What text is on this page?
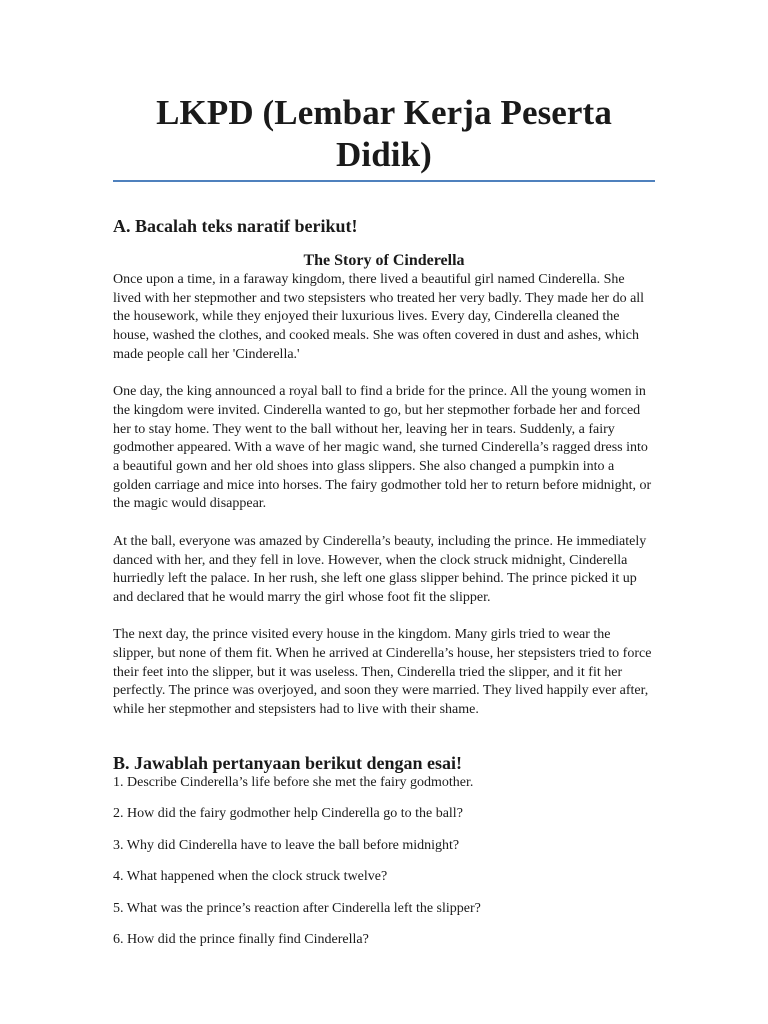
LKPD (Lembar Kerja Peserta Didik)
A. Bacalah teks naratif berikut!
The Story of Cinderella

Once upon a time, in a faraway kingdom, there lived a beautiful girl named Cinderella. She lived with her stepmother and two stepsisters who treated her very badly. They made her do all the housework, while they enjoyed their luxurious lives. Every day, Cinderella cleaned the house, washed the clothes, and cooked meals. She was often covered in dust and ashes, which made people call her 'Cinderella.'

One day, the king announced a royal ball to find a bride for the prince. All the young women in the kingdom were invited. Cinderella wanted to go, but her stepmother forbade her and forced her to stay home. They went to the ball without her, leaving her in tears. Suddenly, a fairy godmother appeared. With a wave of her magic wand, she turned Cinderella’s ragged dress into a beautiful gown and her old shoes into glass slippers. She also changed a pumpkin into a golden carriage and mice into horses. The fairy godmother told her to return before midnight, or the magic would disappear.

At the ball, everyone was amazed by Cinderella’s beauty, including the prince. He immediately danced with her, and they fell in love. However, when the clock struck midnight, Cinderella hurriedly left the palace. In her rush, she left one glass slipper behind. The prince picked it up and declared that he would marry the girl whose foot fit the slipper.

The next day, the prince visited every house in the kingdom. Many girls tried to wear the slipper, but none of them fit. When he arrived at Cinderella’s house, her stepsisters tried to force their feet into the slipper, but it was useless. Then, Cinderella tried the slipper, and it fit her perfectly. The prince was overjoyed, and soon they were married. They lived happily ever after, while her stepmother and stepsisters had to live with their shame.

B. Jawablah pertanyaan berikut dengan esai!
1. Describe Cinderella’s life before she met the fairy godmother.
2. How did the fairy godmother help Cinderella go to the ball?
3. Why did Cinderella have to leave the ball before midnight?
4. What happened when the clock struck twelve?
5. What was the prince’s reaction after Cinderella left the slipper?
6. How did the prince finally find Cinderella?
